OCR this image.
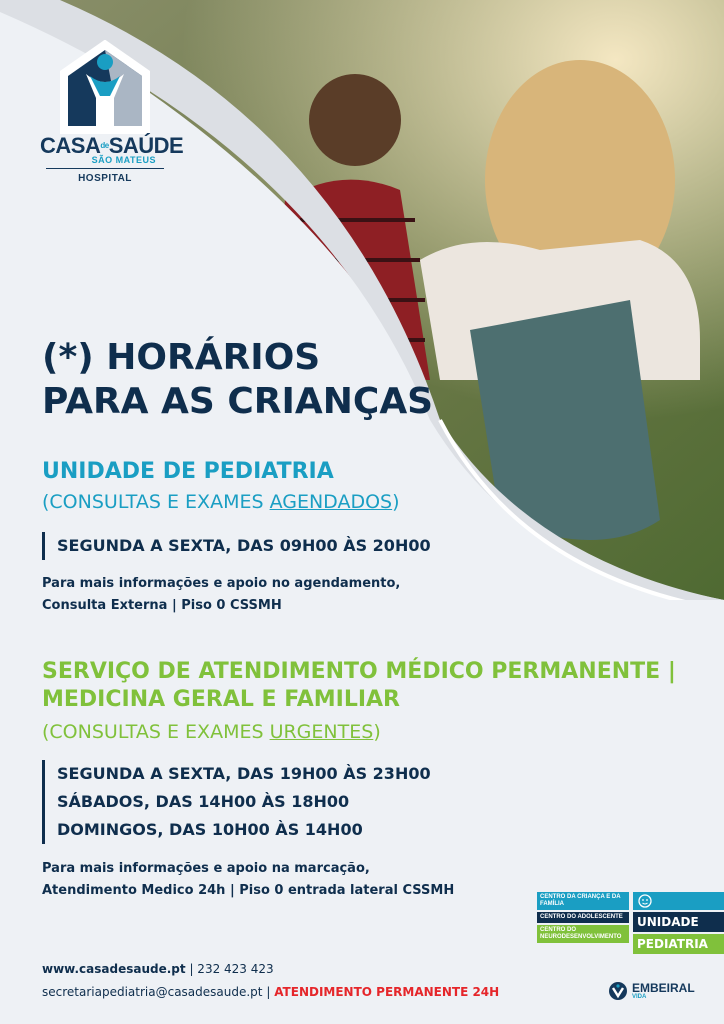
$CASA^{de}SAÚDE$
SÃO MATEUS
HOSPITAL
(*) HORÁRIOS
PARA AS CRIANÇAS
UNIDADE DE PEDIATRIA
(CONSULTAS E EXAMES AGENDADOS)
SEGUNDA A SEXTA, DAS 09H00 ÀS 20H00
Para mais informações e apoio no agendamento,
Consulta Externa | Piso 0 CSSMH
SERVIÇO DE ATENDIMENTO MÉDICO PERMANENTE |
MEDICINA GERAL E FAMILIAR
(CONSULTAS E EXAMES URGENTES)
SEGUNDA A SEXTA, DAS 19H00 ÀS 23H00
SÁBADOS, DAS 14H00 ÀS 18H00
DOMINGOS, DAS 10H00 ÀS 14H00
Para mais informações e apoio na marcação,
Atendimento Medico 24h | Piso 0 entrada lateral CSSMH	CENTRO DA CRIANÇA E DA FAMÍLIA
CENTRO DO ADOLESCENTE
CENTRO DO NEURODESENVOLVIMENTO
UNIDADE
PEDIATRIA
www.casadesaude.pt | 232 423 423
secretariapediatria@casadesaude.pt | ATENDIMENTO PERMANENTE 24H	EMBEIRAL
VIDA
